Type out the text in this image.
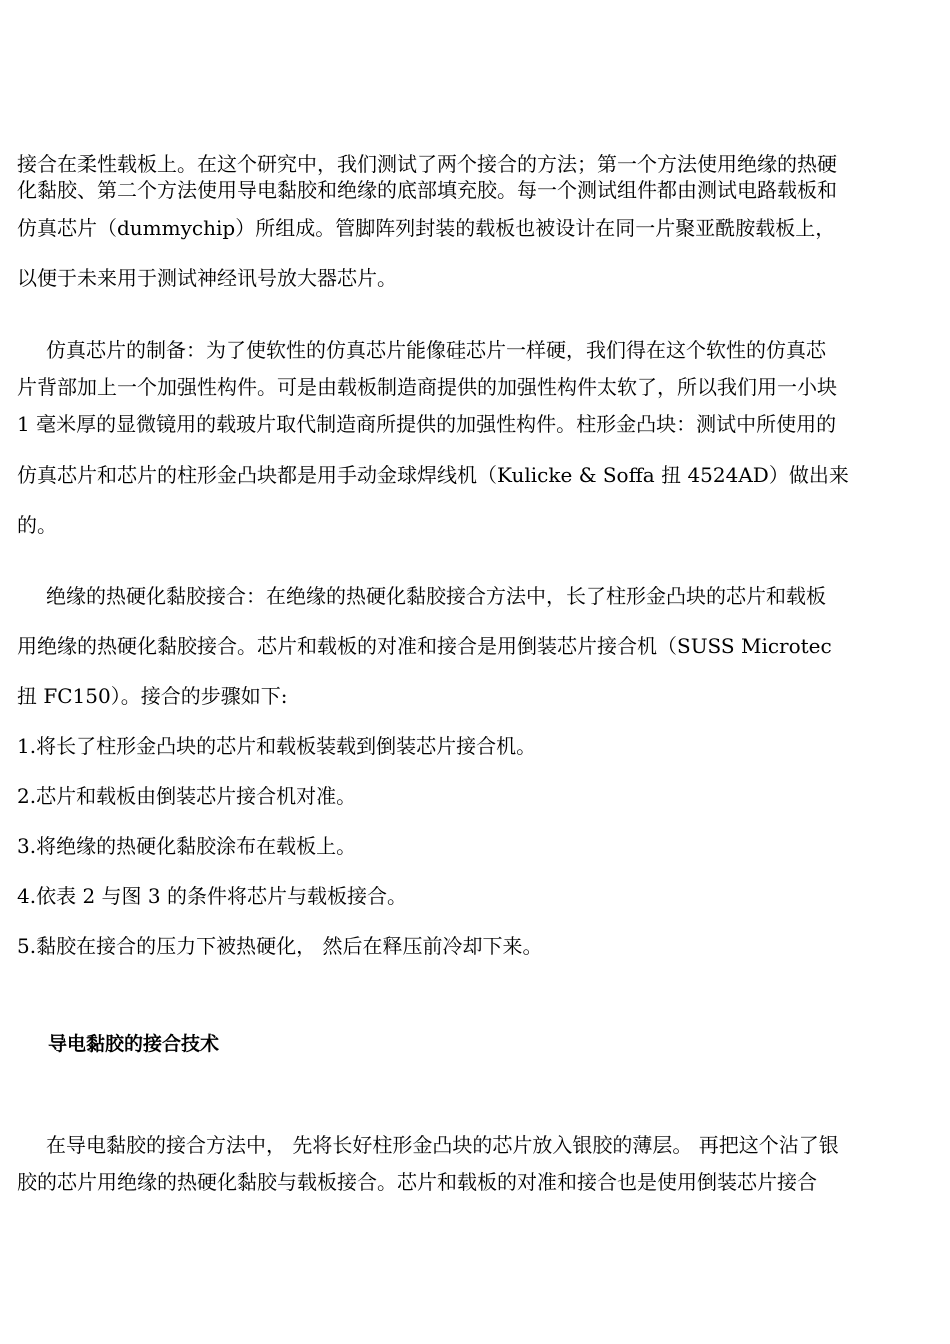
接合在柔性载板上。在这个研究中，我们测试了两个接合的方法；第一个方法使用绝缘的热硬
化黏胶、第二个方法使用导电黏胶和绝缘的底部填充胶。每一个测试组件都由测试电路载板和
仿真芯片（dummychip）所组成。管脚阵列封装的载板也被设计在同一片聚亚酰胺载板上，
以便于未来用于测试神经讯号放大器芯片。
仿真芯片的制备：为了使软性的仿真芯片能像硅芯片一样硬，我们得在这个软性的仿真芯
片背部加上一个加强性构件。可是由载板制造商提供的加强性构件太软了，所以我们用一小块
1 毫米厚的显微镜用的载玻片取代制造商所提供的加强性构件。柱形金凸块：测试中所使用的
仿真芯片和芯片的柱形金凸块都是用手动金球焊线机（Kulicke & Soffa 扭 4524AD）做出来
的。
绝缘的热硬化黏胶接合：在绝缘的热硬化黏胶接合方法中，长了柱形金凸块的芯片和载板
用绝缘的热硬化黏胶接合。芯片和载板的对准和接合是用倒装芯片接合机（SUSS Microtec
扭 FC150）。接合的步骤如下:
1.将长了柱形金凸块的芯片和载板装载到倒装芯片接合机。
2.芯片和载板由倒装芯片接合机对准。
3.将绝缘的热硬化黏胶涂布在载板上。
4.依表 2 与图 3 的条件将芯片与载板接合。
5.黏胶在接合的压力下被热硬化， 然后在释压前冷却下来。
导电黏胶的接合技术
在导电黏胶的接合方法中， 先将长好柱形金凸块的芯片放入银胶的薄层。 再把这个沾了银
胶的芯片用绝缘的热硬化黏胶与载板接合。芯片和载板的对准和接合也是使用倒装芯片接合
